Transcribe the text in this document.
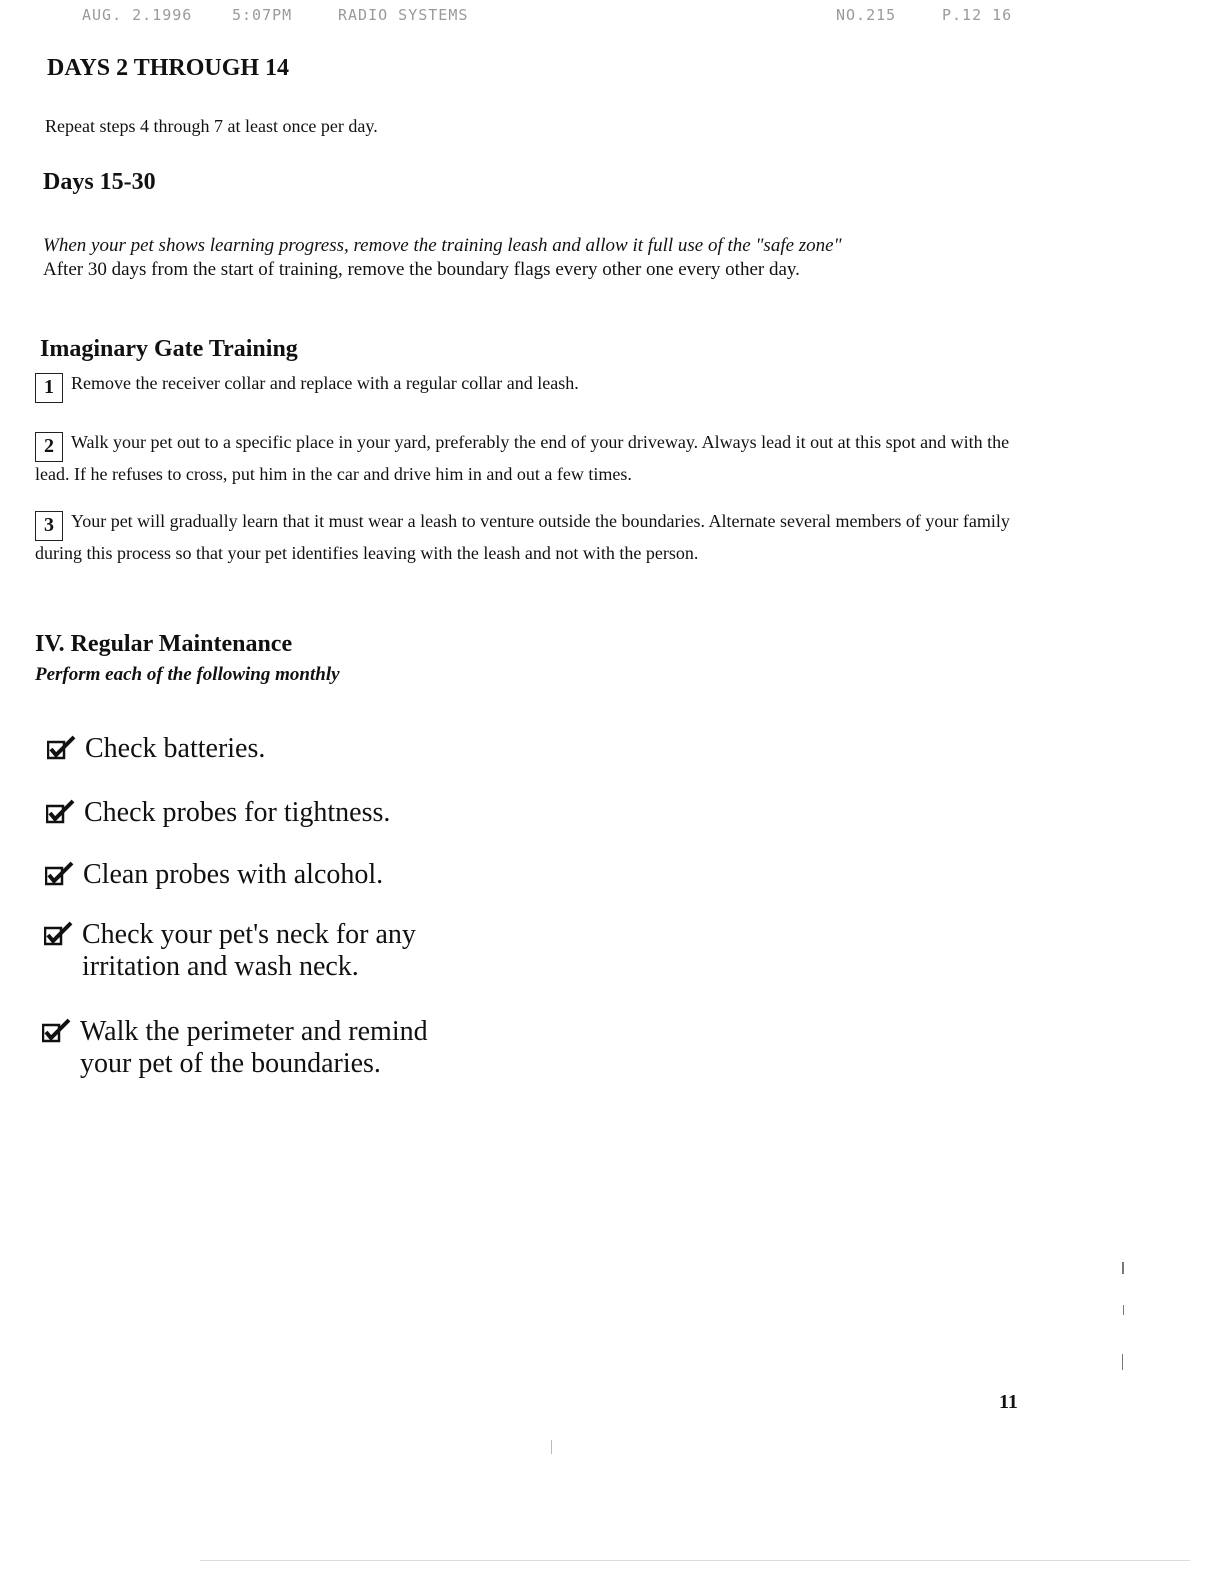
AUG. 2.1996	5:07PM	RADIO SYSTEMS	NO.215	P.12 16
DAYS 2 THROUGH 14
Repeat steps 4 through 7 at least once per day.
Days 15-30
When your pet shows learning progress, remove the training leash and allow it full use of the "safe zone"
After 30 days from the start of training, remove the boundary flags every other one every other day.
Imaginary Gate Training
1 Remove the receiver collar and replace with a regular collar and leash.
2 Walk your pet out to a specific place in your yard, preferably the end of your driveway. Always lead it out at this spot and with the lead. If he refuses to cross, put him in the car and drive him in and out a few times.
3 Your pet will gradually learn that it must wear a leash to venture outside the boundaries. Alternate several members of your family during this process so that your pet identifies leaving with the leash and not with the person.
IV. Regular Maintenance
Perform each of the following monthly
Check batteries.
Check probes for tightness.
Clean probes with alcohol.
Check your pet's neck for any
irritation and wash neck.
Walk the perimeter and remind
your pet of the boundaries.
11
